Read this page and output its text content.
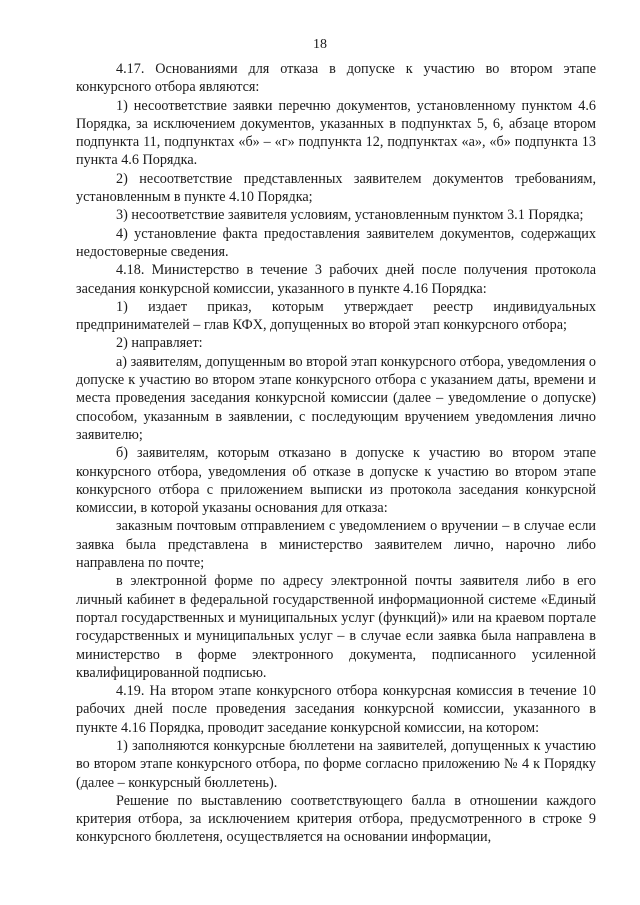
18

4.17. Основаниями для отказа в допуске к участию во втором этапе конкурсного отбора являются:

1) несоответствие заявки перечню документов, установленному пунктом 4.6 Порядка, за исключением документов, указанных в подпунктах 5, 6, абзаце втором подпункта 11, подпунктах «б» – «г» подпункта 12, подпунктах «а», «б» подпункта 13 пункта 4.6 Порядка.

2) несоответствие представленных заявителем документов требованиям, установленным в пункте 4.10 Порядка;

3) несоответствие заявителя условиям, установленным пунктом 3.1 Порядка;

4) установление факта предоставления заявителем документов, содержащих недостоверные сведения.

4.18. Министерство в течение 3 рабочих дней после получения протокола заседания конкурсной комиссии, указанного в пункте 4.16 Порядка:

1) издает приказ, которым утверждает реестр индивидуальных предпринимателей – глав КФХ, допущенных во второй этап конкурсного отбора;

2) направляет:

а) заявителям, допущенным во второй этап конкурсного отбора, уведомления о допуске к участию во втором этапе конкурсного отбора с указанием даты, времени и места проведения заседания конкурсной комиссии (далее – уведомление о допуске) способом, указанным в заявлении, с последующим вручением уведомления лично заявителю;

б) заявителям, которым отказано в допуске к участию во втором этапе конкурсного отбора, уведомления об отказе в допуске к участию во втором этапе конкурсного отбора с приложением выписки из протокола заседания конкурсной комиссии, в которой указаны основания для отказа:

заказным почтовым отправлением с уведомлением о вручении – в случае если заявка была представлена в министерство заявителем лично, нарочно либо направлена по почте;

в электронной форме по адресу электронной почты заявителя либо в его личный кабинет в федеральной государственной информационной системе «Единый портал государственных и муниципальных услуг (функций)» или на краевом портале государственных и муниципальных услуг – в случае если заявка была направлена в министерство в форме электронного документа, подписанного усиленной квалифицированной подписью.

4.19. На втором этапе конкурсного отбора конкурсная комиссия в течение 10 рабочих дней после проведения заседания конкурсной комиссии, указанного в пункте 4.16 Порядка, проводит заседание конкурсной комиссии, на котором:

1) заполняются конкурсные бюллетени на заявителей, допущенных к участию во втором этапе конкурсного отбора, по форме согласно приложению № 4 к Порядку (далее – конкурсный бюллетень).

Решение по выставлению соответствующего балла в отношении каждого критерия отбора, за исключением критерия отбора, предусмотренного в строке 9 конкурсного бюллетеня, осуществляется на основании информации,
